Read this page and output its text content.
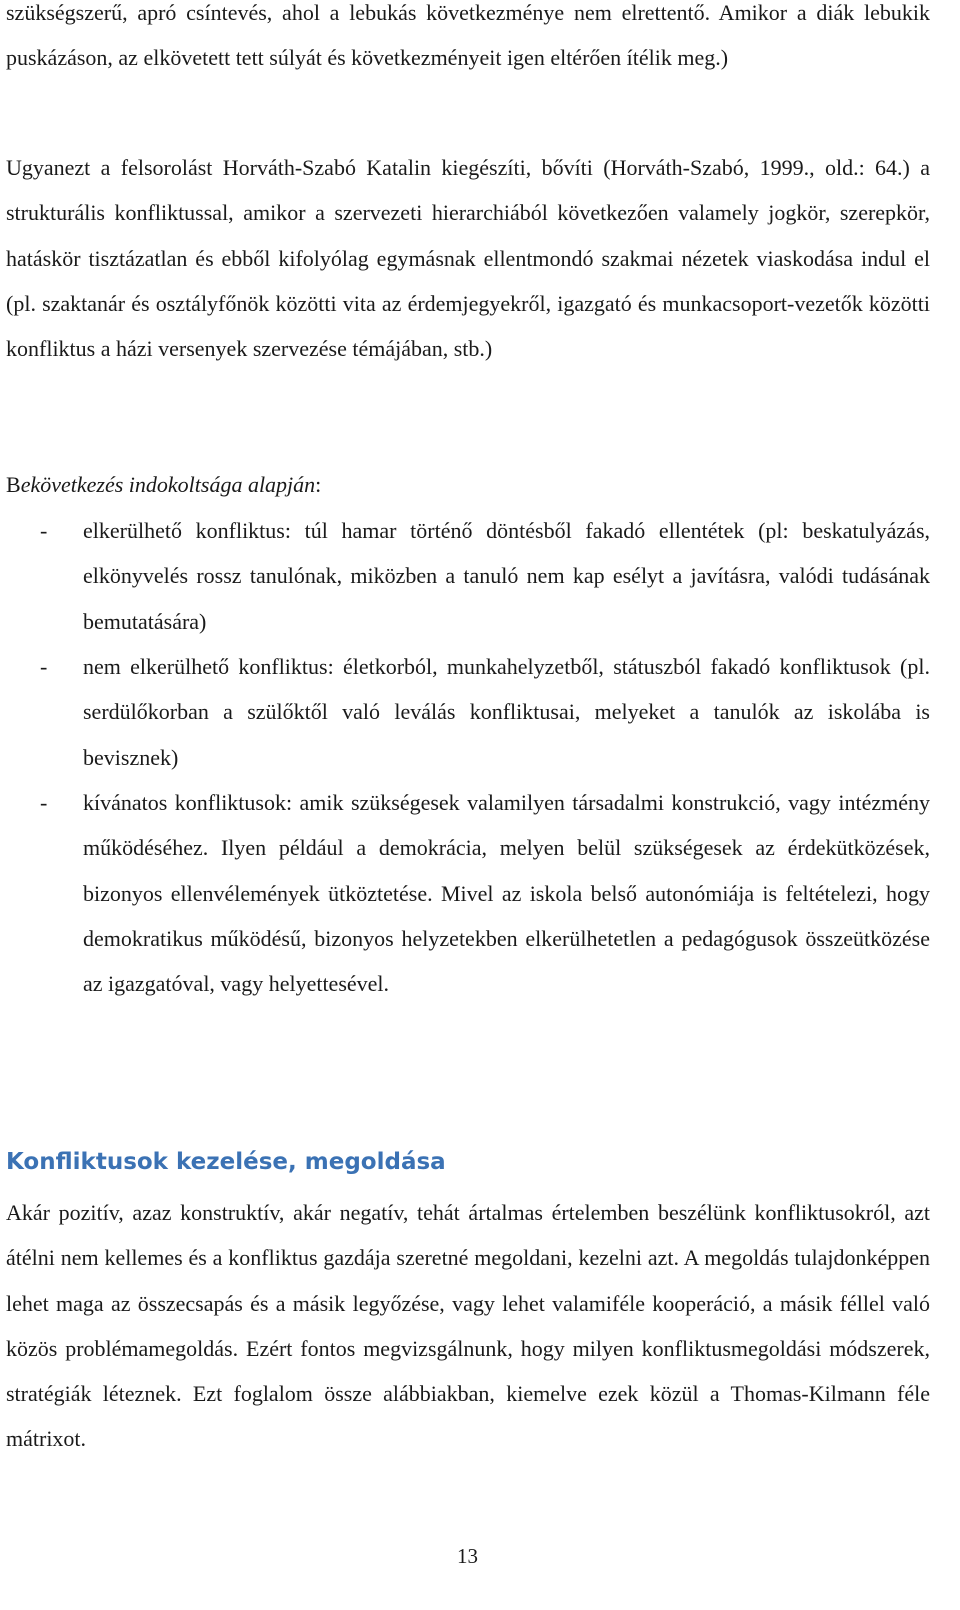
szükségszerű, apró csíntevés, ahol a lebukás következménye nem elrettentő. Amikor a diák lebukik puskázáson, az elkövetett tett súlyát és következményeit igen eltérően ítélik meg.)

Ugyanezt a felsorolást Horváth-Szabó Katalin kiegészíti, bővíti (Horváth-Szabó, 1999., old.: 64.) a strukturális konfliktussal, amikor a szervezeti hierarchiából következően valamely jogkör, szerepkör, hatáskör tisztázatlan és ebből kifolyólag egymásnak ellentmondó szakmai nézetek viaskodása indul el (pl. szaktanár és osztályfőnök közötti vita az érdemjegyekről, igazgató és munkacsoport-vezetők közötti konfliktus a házi versenyek szervezése témájában, stb.)

Bekövetkezés indokoltsága alapján:

- elkerülhető konfliktus: túl hamar történő döntésből fakadó ellentétek (pl: beskatulyázás, elkönyvelés rossz tanulónak, miközben a tanuló nem kap esélyt a javításra, valódi tudásának bemutatására)

- nem elkerülhető konfliktus: életkorból, munkahelyzetből, státuszból fakadó konfliktusok (pl. serdülőkorban a szülőktől való leválás konfliktusai, melyeket a tanulók az iskolába is bevisznek)

- kívánatos konfliktusok: amik szükségesek valamilyen társadalmi konstrukció, vagy intézmény működéséhez. Ilyen például a demokrácia, melyen belül szükségesek az érdekütközések, bizonyos ellenvélemények ütköztetése. Mivel az iskola belső autonómiája is feltételezi, hogy demokratikus működésű, bizonyos helyzetekben elkerülhetetlen a pedagógusok összeütközése az igazgatóval, vagy helyettesével.

Konfliktusok kezelése, megoldása

Akár pozitív, azaz konstruktív, akár negatív, tehát ártalmas értelemben beszélünk konfliktusokról, azt átélni nem kellemes és a konfliktus gazdája szeretné megoldani, kezelni azt. A megoldás tulajdonképpen lehet maga az összecsapás és a másik legyőzése, vagy lehet valamiféle kooperáció, a másik féllel való közös problémamegoldás. Ezért fontos megvizsgálnunk, hogy milyen konfliktusmegoldási módszerek, stratégiák léteznek. Ezt foglalom össze alábbiakban, kiemelve ezek közül a Thomas-Kilmann féle mátrixot.

13
